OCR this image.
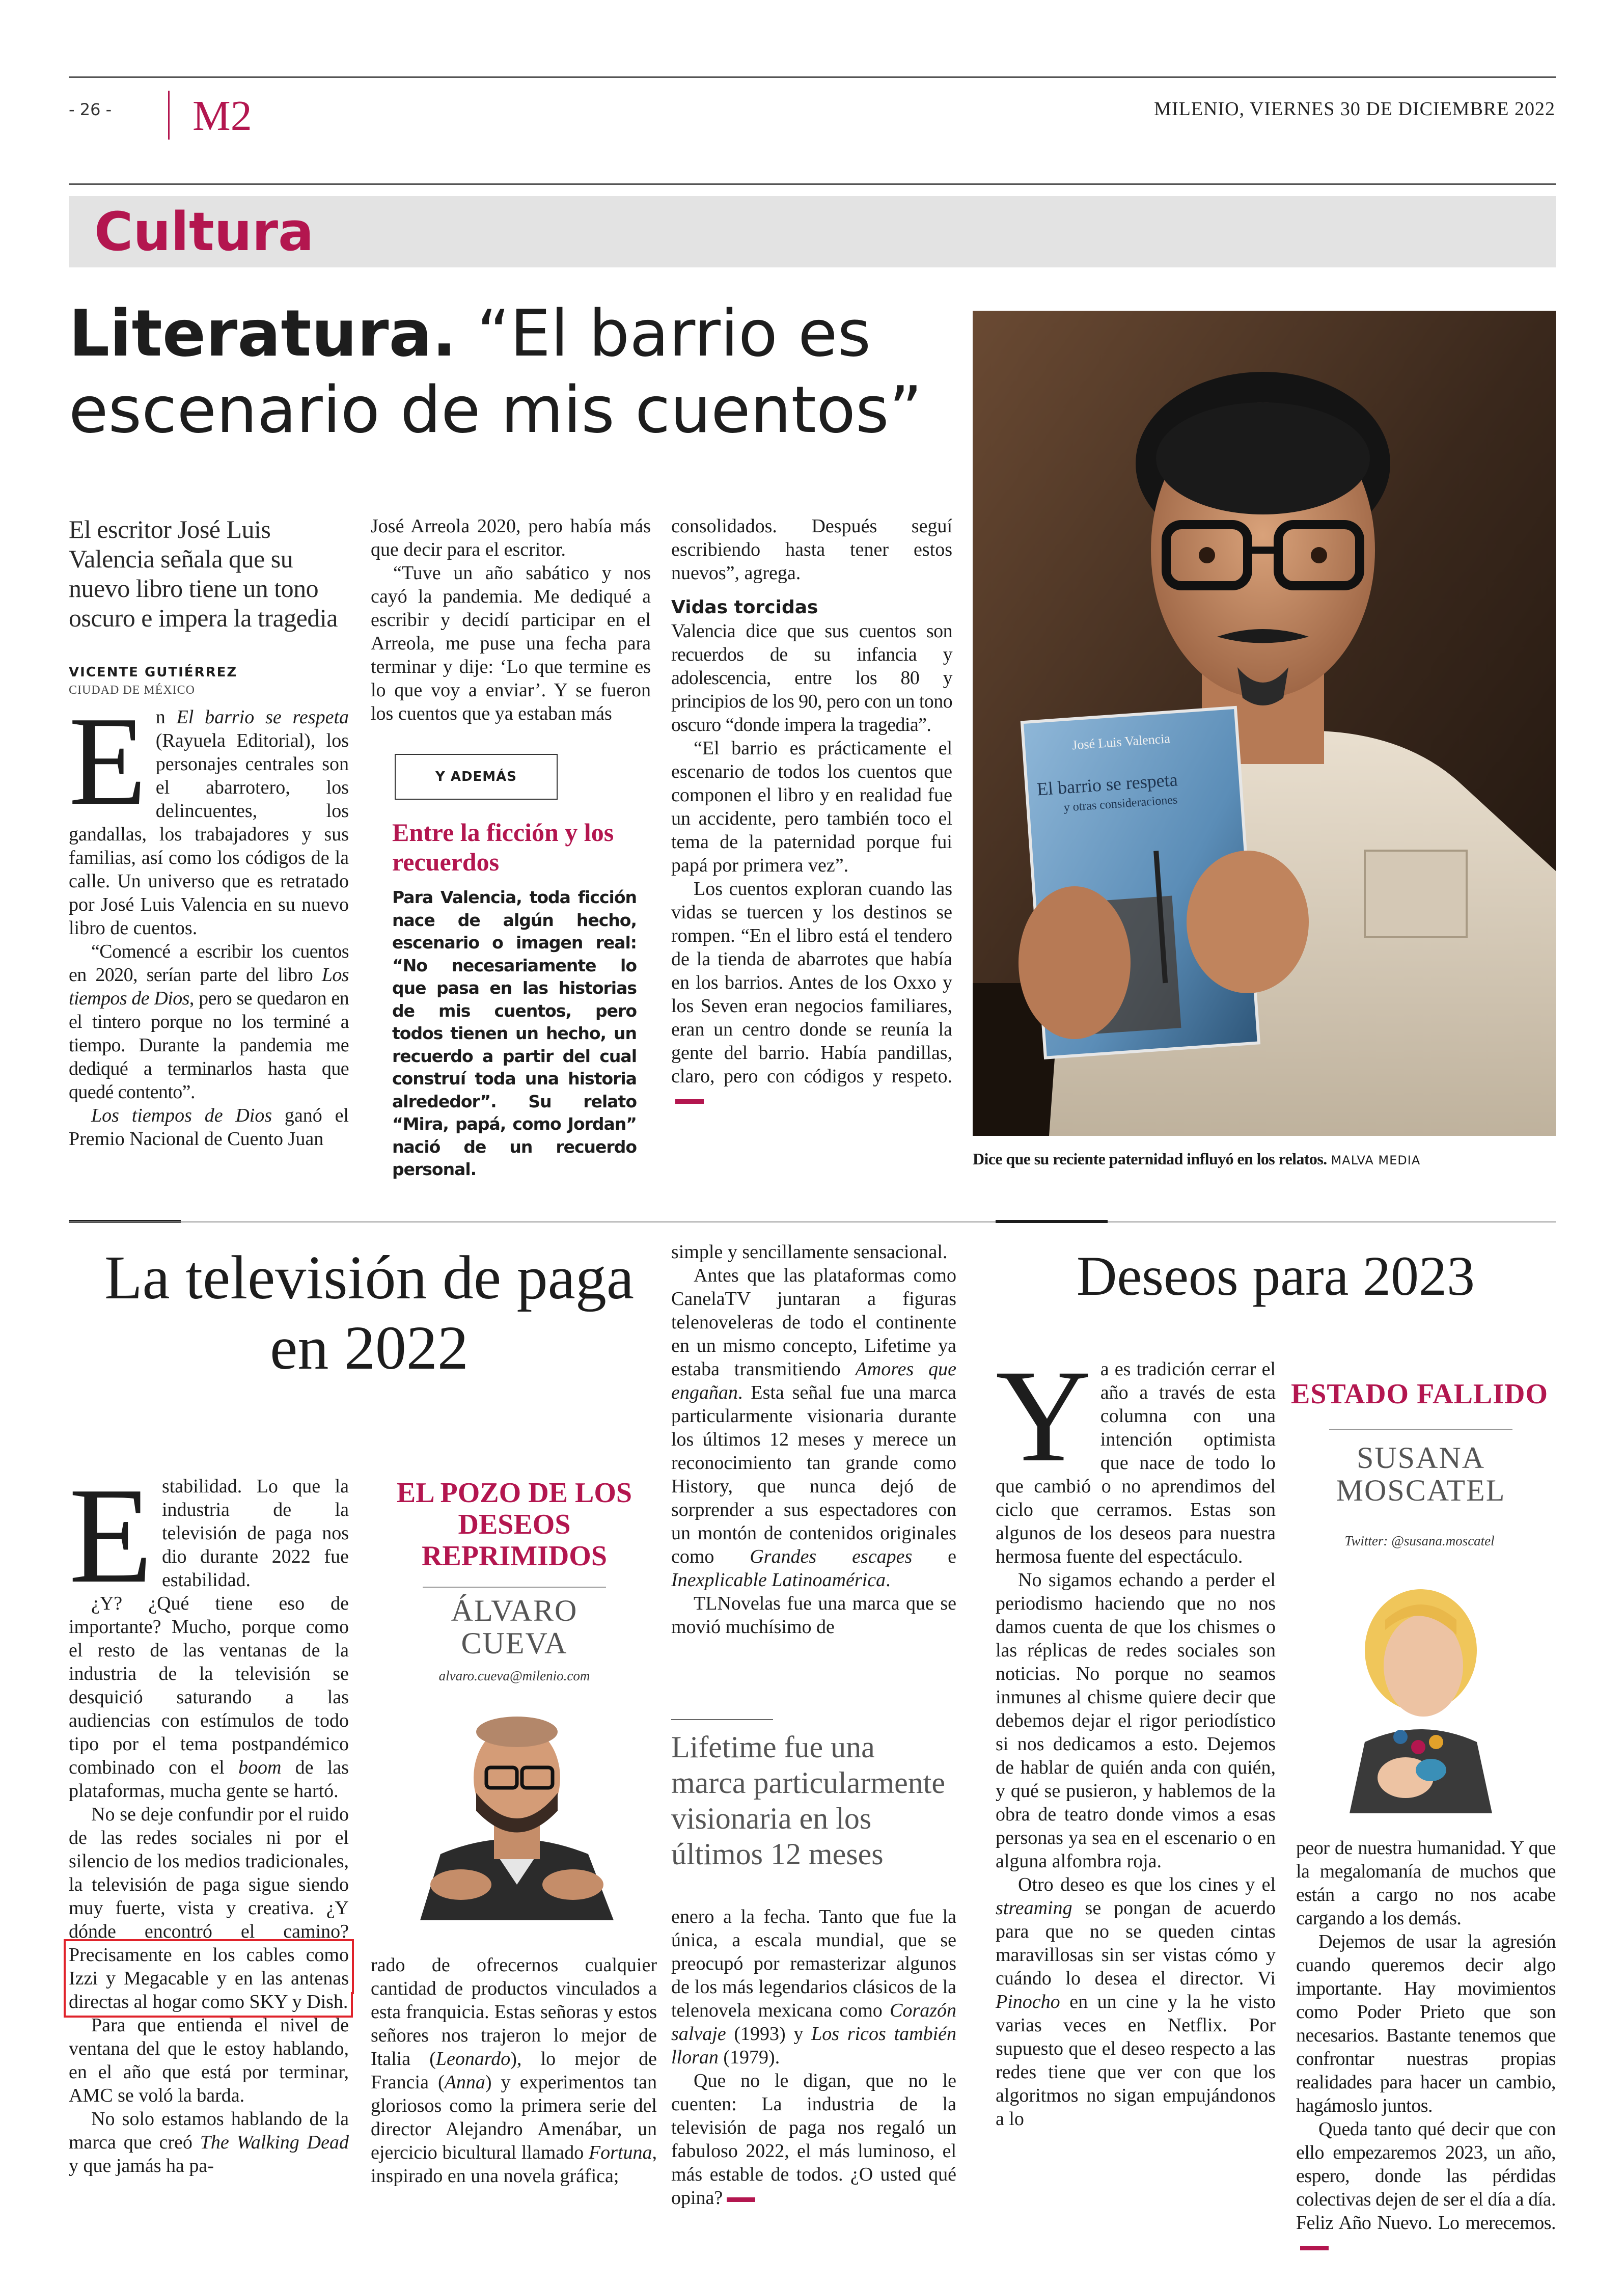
- 26 - M2	MILENIO, VIERNES 30 DE DICIEMBRE 2022
Cultura
Literatura. “El barrio es escenario de mis cuentos”
El escritor José Luis Valencia señala que su nuevo libro tiene un tono oscuro e impera la tragedia
VICENTE GUTIÉRREZ
CIUDAD DE MÉXICO

En El barrio se respeta (Rayuela Editorial), los personajes centrales son el abarrotero, los delincuentes, los gandallas, los trabajadores y sus familias, así como los códigos de la calle. Un universo que es retratado por José Luis Valencia en su nuevo libro de cuentos.

“Comencé a escribir los cuentos en 2020, serían parte del libro Los tiempos de Dios, pero se quedaron en el tintero porque no los terminé a tiempo. Durante la pandemia me dediqué a terminarlos hasta que quedé contento”.

Los tiempos de Dios ganó el Premio Nacional de Cuento Juan

José Arreola 2020, pero había más que decir para el escritor.

“Tuve un año sabático y nos cayó la pandemia. Me dediqué a escribir y decidí participar en el Arreola, me puse una fecha para terminar y dije: ‘Lo que termine es lo que voy a enviar’. Y se fueron los cuentos que ya estaban más

Y ADEMÁS
Entre la ficción y los recuerdos
Para Valencia, toda ficción nace de algún hecho, escenario o imagen real: “No necesariamente lo que pasa en las historias de mis cuentos, pero todos tienen un hecho, un recuerdo a partir del cual construí toda una historia alrededor”. Su relato “Mira, papá, como Jordan” nació de un recuerdo personal.

consolidados. Después seguí escribiendo hasta tener estos nuevos”, agrega.

Vidas torcidas

Valencia dice que sus cuentos son recuerdos de su infancia y adolescencia, entre los 80 y principios de los 90, pero con un tono oscuro “donde impera la tragedia”.

“El barrio es prácticamente el escenario de todos los cuentos que componen el libro y en realidad fue un accidente, pero también toco el tema de la paternidad porque fui papá por primera vez”.

Los cuentos exploran cuando las vidas se tuercen y los destinos se rompen. “En el libro está el tendero de la tienda de abarrotes que había en los barrios. Antes de los Oxxo y los Seven eran negocios familiares, eran un centro donde se reunía la gente del barrio. Había pandillas, claro, pero con códigos y respeto.

José Luis Valencia
El barrio se respeta
y otras consideraciones
Dice que su reciente paternidad influyó en los relatos. MALVA MEDIA
La televisión de paga en 2022

Estabilidad. Lo que la industria de la televisión de paga nos dio durante 2022 fue estabilidad.

¿Y? ¿Qué tiene eso de importante? Mucho, porque como el resto de las ventanas de la industria de la televisión se desquició saturando a las audiencias con estímulos de todo tipo por el tema postpandémico combinado con el boom de las plataformas, mucha gente se hartó.

No se deje confundir por el ruido de las redes sociales ni por el silencio de los medios tradicionales, la televisión de paga sigue siendo muy fuerte, vista y creativa. ¿Y dónde encontró el camino? Precisamente en los cables como Izzi y Megacable y en las antenas directas al hogar como SKY y Dish.

Para que entienda el nivel de ventana del que le estoy hablando, en el año que está por terminar, AMC se voló la barda.

No solo estamos hablando de la marca que creó The Walking Dead y que jamás ha pa-

EL POZO DE LOS DESEOS REPRIMIDOS
ÁLVARO CUEVA
alvaro.cueva@milenio.com

rado de ofrecernos cualquier cantidad de productos vinculados a esta franquicia. Estas señoras y estos señores nos trajeron lo mejor de Italia (Leonardo), lo mejor de Francia (Anna) y experimentos tan gloriosos como la primera serie del director Alejandro Amenábar, un ejercicio bicultural llamado Fortuna, inspirado en una novela gráfica;

simple y sencillamente sensacional.

Antes que las plataformas como CanelaTV juntaran a figuras telenoveleras de todo el continente en un mismo concepto, Lifetime ya estaba transmitiendo Amores que engañan. Esta señal fue una marca particularmente visionaria durante los últimos 12 meses y merece un reconocimiento tan grande como History, que nunca dejó de sorprender a sus espectadores con un montón de contenidos originales como Grandes escapes e Inexplicable Latinoamérica.

TLNovelas fue una marca que se movió muchísimo de

Lifetime fue una marca particularmente visionaria en los últimos 12 meses

enero a la fecha. Tanto que fue la única, a escala mundial, que se preocupó por remasterizar algunos de los más legendarios clásicos de la telenovela mexicana como Corazón salvaje (1993) y Los ricos también lloran (1979).

Que no le digan, que no le cuenten: La industria de la televisión de paga nos regaló un fabuloso 2022, el más luminoso, el más estable de todos. ¿O usted qué opina?

Deseos para 2023

Ya es tradición cerrar el año a través de esta columna con una intención optimista que nace de todo lo que cambió o no aprendimos del ciclo que cerramos. Estas son algunos de los deseos para nuestra hermosa fuente del espectáculo.

No sigamos echando a perder el periodismo haciendo que no nos damos cuenta de que los chismes o las réplicas de redes sociales son noticias. No porque no seamos inmunes al chisme quiere decir que debemos dejar el rigor periodístico si nos dedicamos a esto. Dejemos de hablar de quién anda con quién, y qué se pusieron, y hablemos de la obra de teatro donde vimos a esas personas ya sea en el escenario o en alguna alfombra roja.

Otro deseo es que los cines y el streaming se pongan de acuerdo para que no se queden cintas maravillosas sin ser vistas cómo y cuándo lo desea el director. Vi Pinocho en un cine y la he visto varias veces en Netflix. Por supuesto que el deseo respecto a las redes tiene que ver con que los algoritmos no sigan empujándonos a lo

ESTADO FALLIDO
SUSANA MOSCATEL
Twitter: @susana.moscatel

peor de nuestra humanidad. Y que la megalomanía de muchos que están a cargo no nos acabe cargando a los demás.

Dejemos de usar la agresión cuando queremos decir algo importante. Hay movimientos como Poder Prieto que son necesarios. Bastante tenemos que confrontar nuestras propias realidades para hacer un cambio, hagámoslo juntos.

Queda tanto qué decir que con ello empezaremos 2023, un año, espero, donde las pérdidas colectivas dejen de ser el día a día. Feliz Año Nuevo. Lo merecemos.
